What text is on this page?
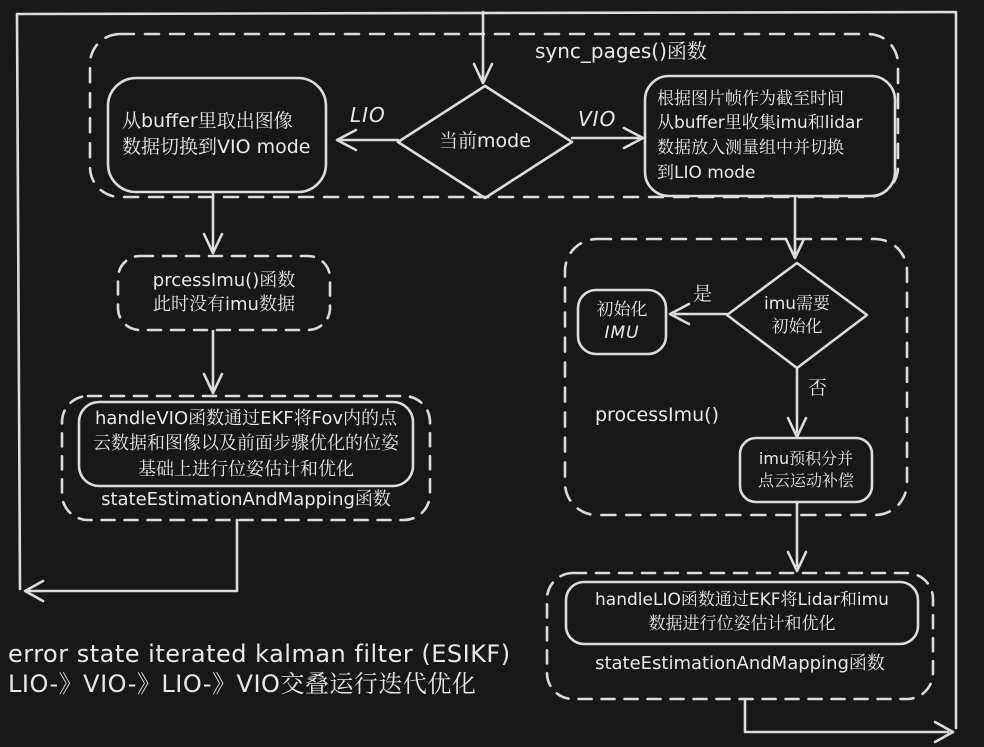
sync_pages()函数
从buffer里取出图像
数据切换到VIO mode	当前mode
LIO	VIO
根据图片帧作为截至时间
从buffer里收集imu和lidar
数据放入测量组中并切换
到LIO mode
prcessImu()函数
此时没有imu数据
handleVIO函数通过EKF将Fov内的点
云数据和图像以及前面步骤优化的位姿
基础上进行位姿估计和优化
stateEstimationAndMapping函数
imu需要
初始化
是
否
初始化
IMU
processImu()
imu预积分并
点云运动补偿
handleLIO函数通过EKF将Lidar和imu
数据进行位姿估计和优化
stateEstimationAndMapping函数
error state iterated kalman filter (ESIKF)
LIO-》VIO-》LIO-》VIO交叠运行迭代优化
